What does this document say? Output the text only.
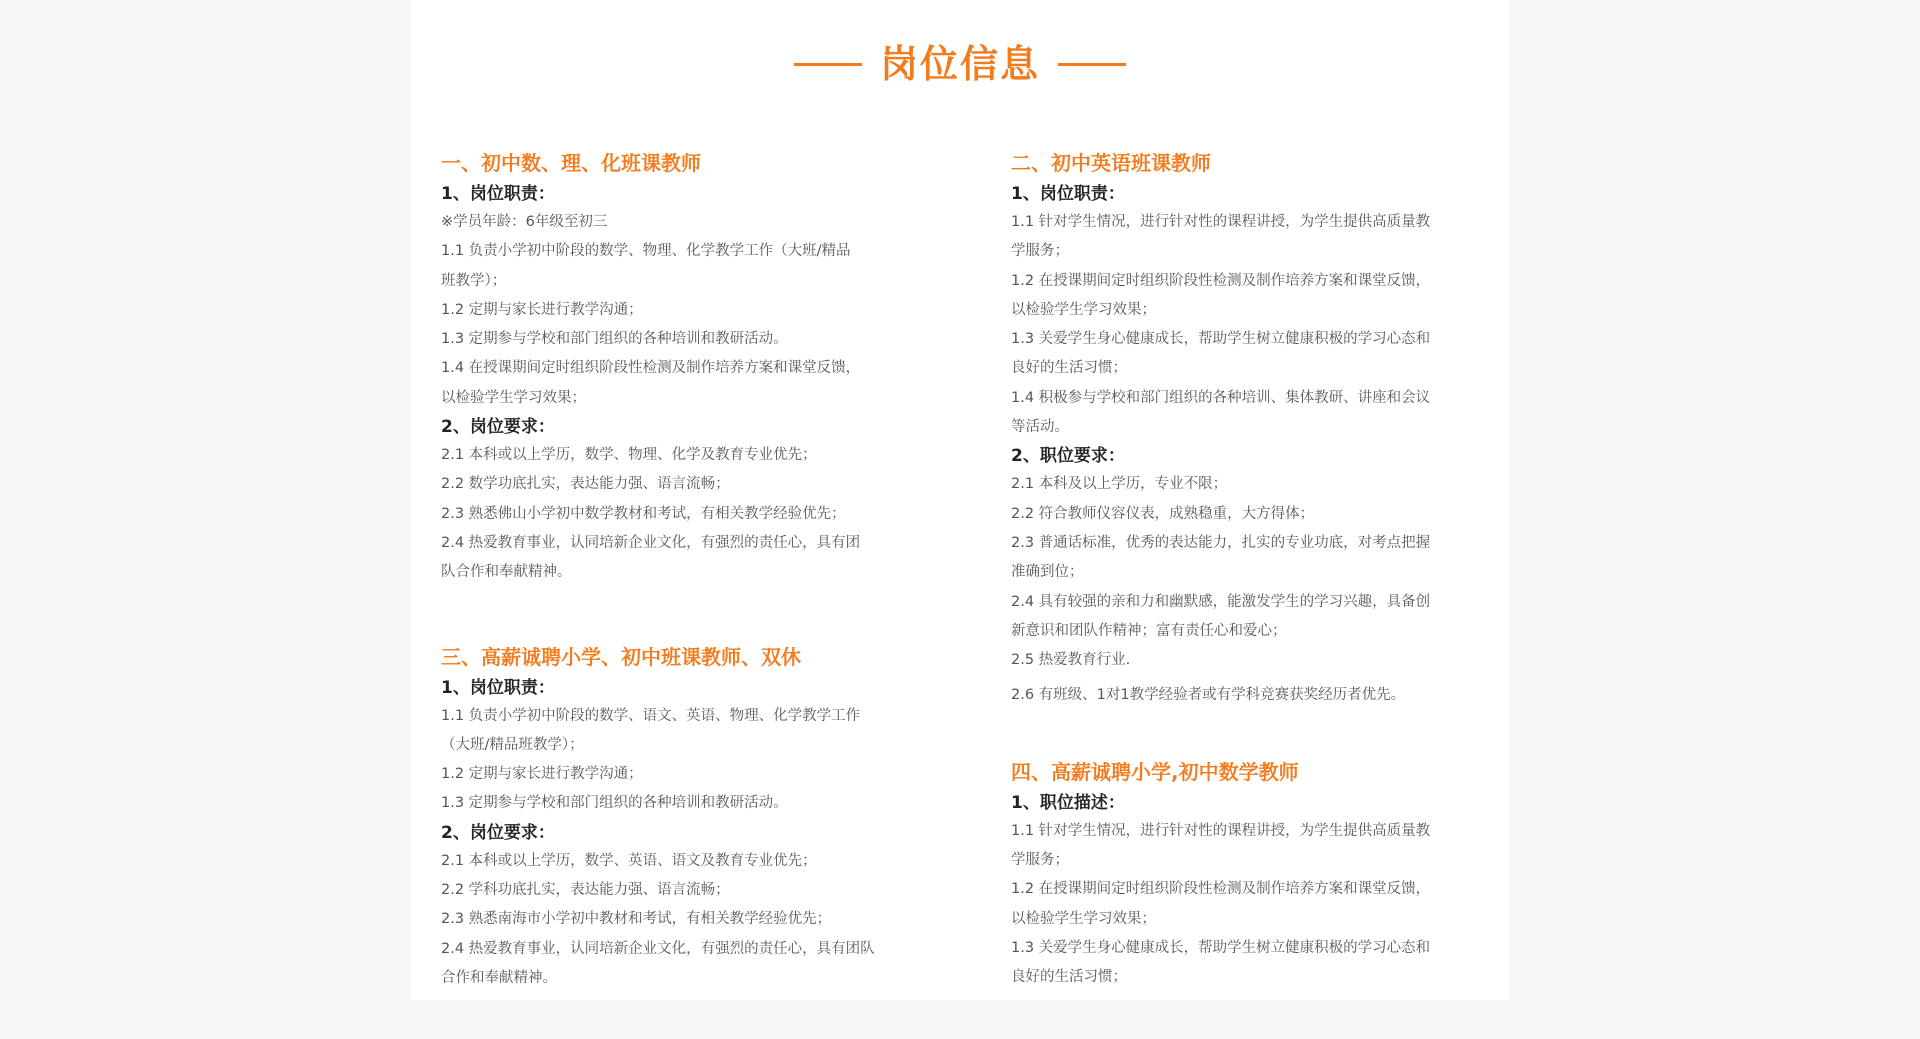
岗位信息
一、初中数、理、化班课教师
1、岗位职责：

※学员年龄：6年级至初三

1.1 负责小学初中阶段的数学、物理、化学教学工作（大班/精品

班教学）；

1.2 定期与家长进行教学沟通；

1.3 定期参与学校和部门组织的各种培训和教研活动。

1.4 在授课期间定时组织阶段性检测及制作培养方案和课堂反馈，

以检验学生学习效果；

2、岗位要求：

2.1 本科或以上学历，数学、物理、化学及教育专业优先；

2.2 数学功底扎实，表达能力强、语言流畅；

2.3 熟悉佛山小学初中数学教材和考试，有相关教学经验优先；

2.4 热爱教育事业，认同培新企业文化，有强烈的责任心，具有团

队合作和奉献精神。

三、高薪诚聘小学、初中班课教师、双休
1、岗位职责：

1.1 负责小学初中阶段的数学、语文、英语、物理、化学教学工作

（大班/精品班教学）；

1.2 定期与家长进行教学沟通；

1.3 定期参与学校和部门组织的各种培训和教研活动。

2、岗位要求：

2.1 本科或以上学历，数学、英语、语文及教育专业优先；

2.2 学科功底扎实，表达能力强、语言流畅；

2.3 熟悉南海市小学初中教材和考试，有相关教学经验优先；

2.4 热爱教育事业，认同培新企业文化，有强烈的责任心，具有团队

合作和奉献精神。

二、初中英语班课教师
1、岗位职责：

1.1 针对学生情况，进行针对性的课程讲授，为学生提供高质量教

学服务；

1.2 在授课期间定时组织阶段性检测及制作培养方案和课堂反馈，

以检验学生学习效果；

1.3 关爱学生身心健康成长，帮助学生树立健康积极的学习心态和

良好的生活习惯；

1.4 积极参与学校和部门组织的各种培训、集体教研、讲座和会议

等活动。

2、职位要求：

2.1 本科及以上学历，专业不限；

2.2 符合教师仪容仪表，成熟稳重，大方得体；

2.3 普通话标准，优秀的表达能力，扎实的专业功底，对考点把握

准确到位；

2.4 具有较强的亲和力和幽默感，能激发学生的学习兴趣，具备创

新意识和团队作精神；富有责任心和爱心；

2.5 热爱教育行业.

2.6 有班级、1对1教学经验者或有学科竞赛获奖经历者优先。

四、高薪诚聘小学,初中数学教师
1、职位描述：

1.1 针对学生情况，进行针对性的课程讲授，为学生提供高质量教

学服务；

1.2 在授课期间定时组织阶段性检测及制作培养方案和课堂反馈，

以检验学生学习效果；

1.3 关爱学生身心健康成长，帮助学生树立健康积极的学习心态和

良好的生活习惯；
